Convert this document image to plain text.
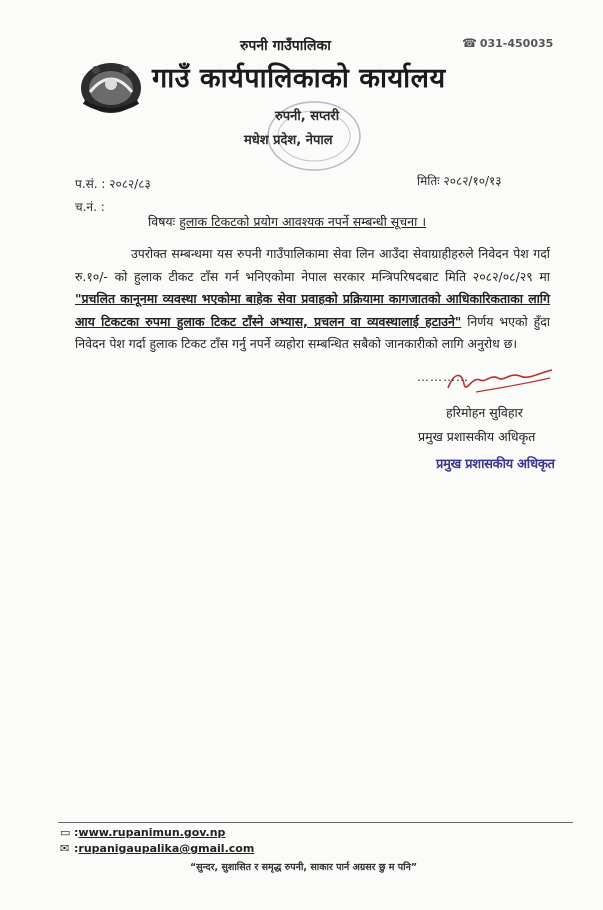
रुपनी गाउँपालिका	☎ 031-450035
गाउँ कार्यपालिकाको कार्यालय
रुपनी, सप्तरी
मधेश प्रदेश, नेपाल
प.सं. : २०८२/८३
च.नं. :
मितिः २०८२/१०/१३
विषयः हुलाक टिकटको प्रयोग आवश्यक नपर्ने सम्बन्धी सूचना ।
उपरोक्त सम्बन्धमा यस रुपनी गाउँपालिकामा सेवा लिन आउँदा सेवाग्राहीहरुले निवेदन पेश गर्दा रु.१०/- को हुलाक टीकट टाँस गर्न भनिएकोमा नेपाल सरकार मन्त्रिपरिषदबाट मिति २०८२/०८/२९ मा "प्रचलित कानूनमा व्यवस्था भएकोमा बाहेक सेवा प्रवाहको प्रक्रियामा कागजातको आधिकारिकताका लागि आय टिकटका रुपमा हुलाक टिकट टाँस्ने अभ्यास, प्रचलन वा व्यवस्थालाई हटाउने" निर्णय भएको हुँदा निवेदन पेश गर्दा हुलाक टिकट टाँस गर्नु नपर्ने व्यहोरा सम्बन्धित सबैको जानकारीको लागि अनुरोध छ।
…………
हरिमोहन सुविहार
प्रमुख प्रशासकीय अधिकृत
प्रमुख प्रशासकीय अधिकृत
▭ :www.rupanimun.gov.np
✉ :rupanigaupalika@gmail.com
“सुन्दर, सुशासित र समृद्ध रुपनी, साकार पार्न अग्रसर छु म पनि”
